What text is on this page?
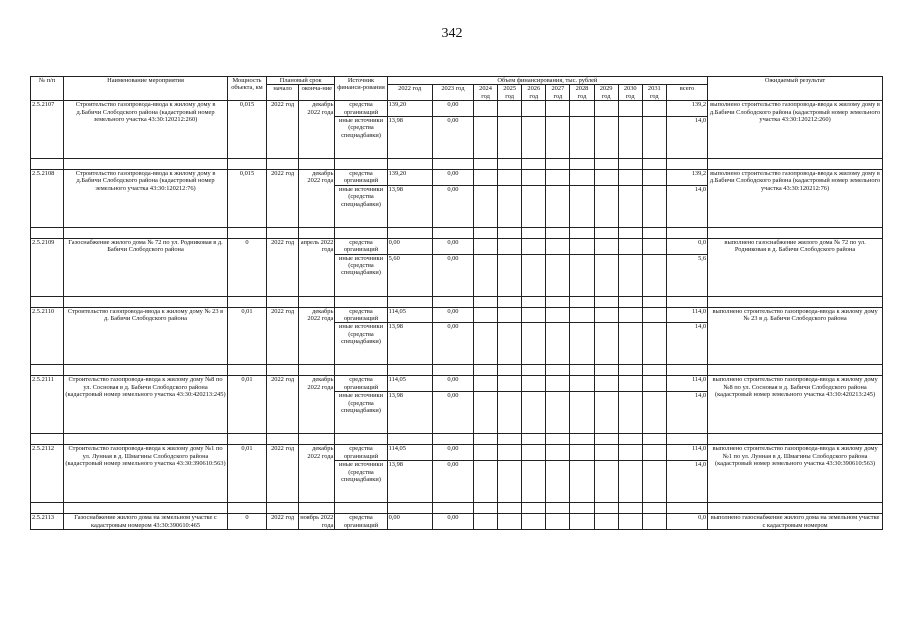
342
№ п/п	Наименование мероприятия	Мощность объекта, км	Плановый срок		Источник финанси-рования	Объем финансирования, тыс. рублей											Ожидаемый результат
			начало	оконча-ние		2022 год	2023 год	2024 год	2025 год	2026 год	2027 год	2028 год	2029 год	2030 год	2031 год	всего	
2.5.2107	Строительство газопровода-ввода к жилому дому в д.Бабичи Слободского района (кадастровый номер земельного участка 43:30:120212:260)	0,015	2022 год	декабрь 2022 года	средства организаций	139,20	0,00									139,2	выполнено строительство газопровода-ввода к жилому дому в д.Бабичи Слободского района (кадастровый номер земельного участка 43:30:120212:260)
					иные источники (средства спецнадбавки)	13,98	0,00									14,0	

2.5.2108	Строительство газопровода-ввода к жилому дому в д.Бабичи Слободского района (кадастровый номер земельного участка 43:30:120212:76)	0,015	2022 год	декабрь 2022 года	средства организаций	139,20	0,00									139,2	выполнено строительство газопровода-ввода к жилому дому в д.Бабичи Слободского района (кадастровый номер земельного участка 43:30:120212:76)
					иные источники (средства спецнадбавки)	13,98	0,00									14,0	

2.5.2109	Газоснабжение жилого дома № 72 по ул. Родниковая в д. Бабичи Слободского района	0	2022 год	апрель 2022 года	средства организаций	0,00	0,00									0,0	выполнено газоснабжение жилого дома № 72 по ул. Родниковая в д. Бабичи Слободского района
					иные источники (средства спецнадбавки)	5,60	0,00									5,6	

2.5.2110	Строительство газопровода-ввода к жилому дому № 23 в д. Бабичи Слободского района	0,01	2022 год	декабрь 2022 года	средства организаций	114,05	0,00									114,0	выполнено строительство газопровода-ввода к жилому дому № 23 в д. Бабичи Слободского района
					иные источники (средства спецнадбавки)	13,98	0,00									14,0	

2.5.2111	Строительство газопровода-ввода к жилому дому №8 по ул. Сосновая в д. Бабичи Слободского района (кадастровый номер земельного участка 43:30:420213:245)	0,01	2022 год	декабрь 2022 года	средства организаций	114,05	0,00									114,0	выполнено строительство газопровода-ввода к жилому дому №8 по ул. Сосновая в д. Бабичи Слободского района (кадастровый номер земельного участка 43:30:420213:245)
					иные источники (средства спецнадбавки)	13,98	0,00									14,0	

2.5.2112	Строительство газопровода-ввода к жилому дому №1 по ул. Лунная в д. Шмагины Слободского района (кадастровый номер земельного участка 43:30:390610:563)	0,01	2022 год	декабрь 2022 года	средства организаций	114,05	0,00									114,0	выполнено строительство газопровода-ввода к жилому дому №1 по ул. Лунная в д. Шмагины Слободского района (кадастровый номер земельного участка 43:30:390610:563)
					иные источники (средства спецнадбавки)	13,98	0,00									14,0	

2.5.2113	Газоснабжение жилого дома на земельном участке с кадастровым номером 43:30:390610:465	0	2022 год	ноябрь 2022 года	средства организаций	0,00	0,00									0,0	выполнено газоснабжение жилого дома на земельном участке с кадастровым номером
